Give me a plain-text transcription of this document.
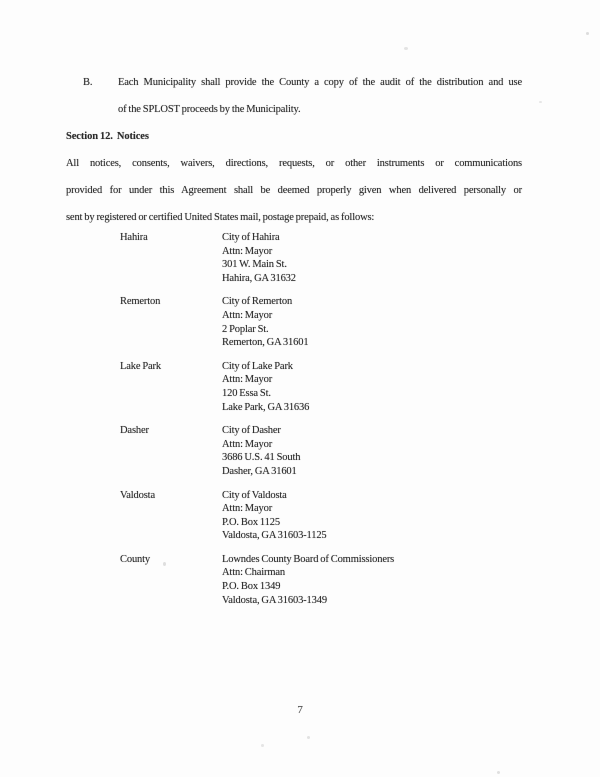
B. Each Municipality shall provide the County a copy of the audit of the distribution and use
of the SPLOST proceeds by the Municipality.
Section 12.  Notices
All notices, consents, waivers, directions, requests, or other instruments or communications
provided for under this Agreement shall be deemed properly given when delivered personally or
sent by registered or certified United States mail, postage prepaid, as follows:
Hahira	City of Hahira
Attn: Mayor
301 W. Main St.
Hahira, GA 31632
Remerton	City of Remerton
Attn: Mayor
2 Poplar St.
Remerton, GA 31601
Lake Park	City of Lake Park
Attn: Mayor
120 Essa St.
Lake Park, GA 31636
Dasher	City of Dasher
Attn: Mayor
3686 U.S. 41 South
Dasher, GA 31601
Valdosta	City of Valdosta
Attn: Mayor
P.O. Box 1125
Valdosta, GA 31603-1125
County	Lowndes County Board of Commissioners
Attn: Chairman
P.O. Box 1349
Valdosta, GA 31603-1349
7
